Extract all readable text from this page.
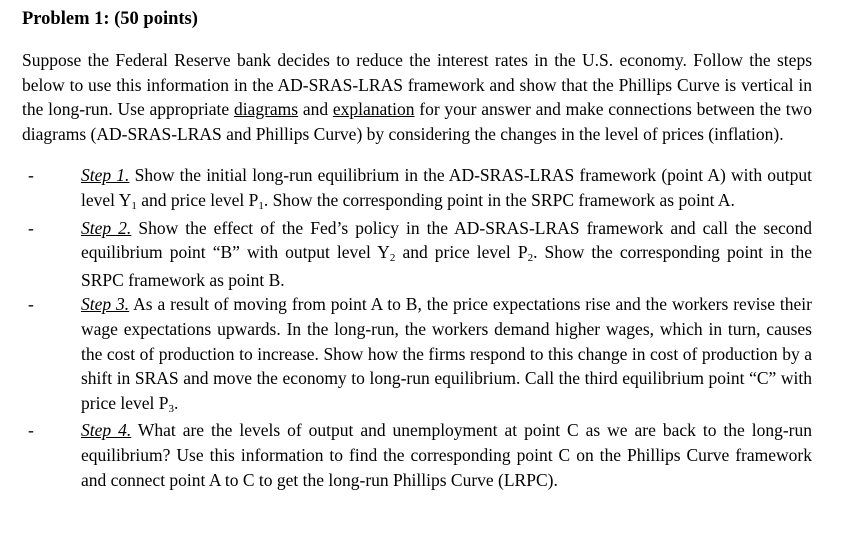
Problem 1: (50 points)

Suppose the Federal Reserve bank decides to reduce the interest rates in the U.S. economy. Follow the steps below to use this information in the AD-SRAS-LRAS framework and show that the Phillips Curve is vertical in the long-run. Use appropriate diagrams and explanation for your answer and make connections between the two diagrams (AD-SRAS-LRAS and Phillips Curve) by considering the changes in the level of prices (inflation).

-	Step 1. Show the initial long-run equilibrium in the AD-SRAS-LRAS framework (point A) with output level $Y_1$ and price level $P_1$. Show the corresponding point in the SRPC framework as point A.
-	Step 2. Show the effect of the Fed’s policy in the AD-SRAS-LRAS framework and call the second equilibrium point “B” with output level $Y_2$ and price level $P_2$. Show the corresponding point in the SRPC framework as point B.
-	Step 3. As a result of moving from point A to B, the price expectations rise and the workers revise their wage expectations upwards. In the long-run, the workers demand higher wages, which in turn, causes the cost of production to increase. Show how the firms respond to this change in cost of production by a shift in SRAS and move the economy to long-run equilibrium. Call the third equilibrium point “C” with price level $P_3$.
-	Step 4. What are the levels of output and unemployment at point C as we are back to the long-run equilibrium? Use this information to find the corresponding point C on the Phillips Curve framework and connect point A to C to get the long-run Phillips Curve (LRPC).
